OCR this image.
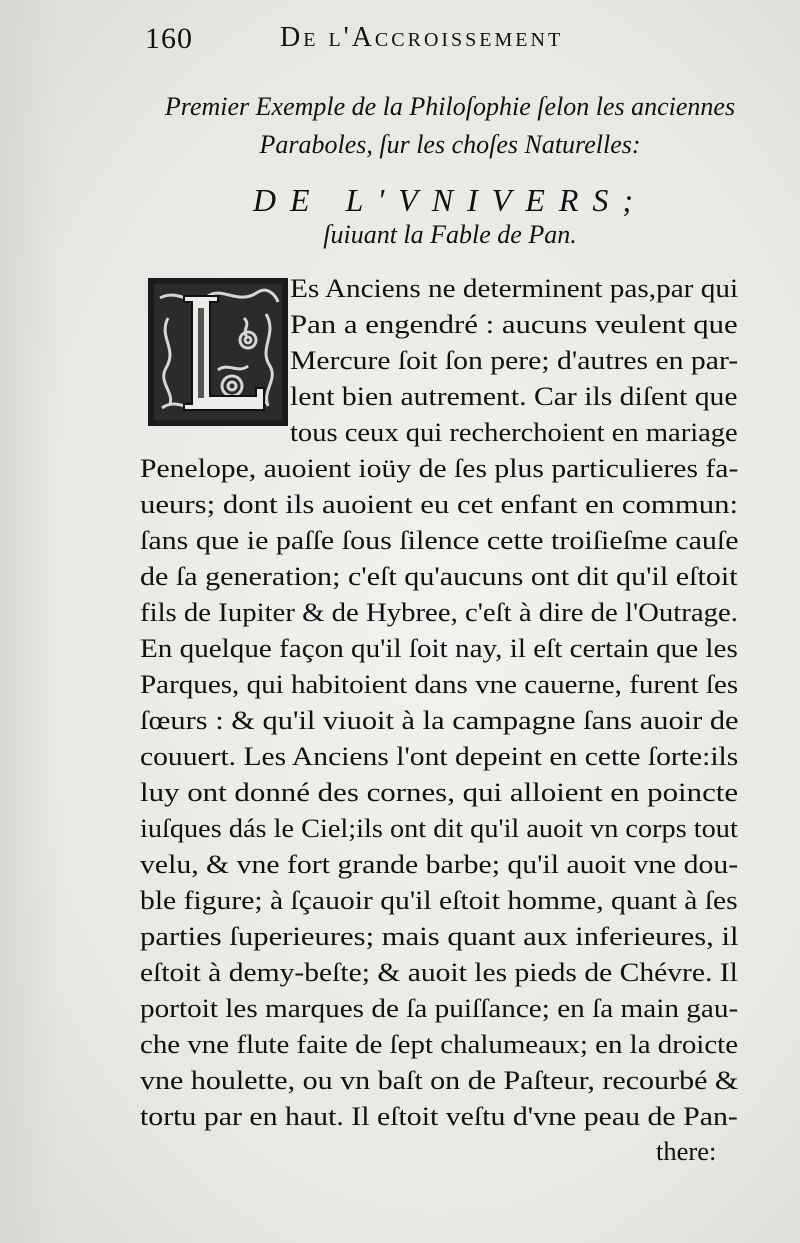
160	De l'Accroissement
Premier Exemple de la Philoſophie ſelon les anciennes
Paraboles, ſur les choſes Naturelles:
DE L'VNIVERS;
ſuiuant la Fable de Pan.
Es Anciens ne determinent pas,par qui
Pan a engendré : aucuns veulent que
Mercure ſoit ſon pere; d'autres en par-
lent bien autrement. Car ils diſent que
tous ceux qui recherchoient en mariage
Penelope, auoient ioüy de ſes plus particulieres fa-
ueurs; dont ils auoient eu cet enfant en commun:
ſans que ie paſſe ſous ſilence cette troiſieſme cauſe
de ſa generation; c'eſt qu'aucuns ont dit qu'il eſtoit
fils de Iupiter & de Hybree, c'eſt à dire de l'Outrage.
En quelque façon qu'il ſoit nay, il eſt certain que les
Parques, qui habitoient dans vne cauerne, furent ſes
ſœurs : & qu'il viuoit à la campagne ſans auoir de
couuert. Les Anciens l'ont depeint en cette ſorte:ils
luy ont donné des cornes, qui alloient en poincte
iuſques dás le Ciel;ils ont dit qu'il auoit vn corps tout
velu, & vne fort grande barbe; qu'il auoit vne dou-
ble figure; à ſçauoir qu'il eſtoit homme, quant à ſes
parties ſuperieures; mais quant aux inferieures, il
eſtoit à demy-beſte; & auoit les pieds de Chévre. Il
portoit les marques de ſa puiſſance; en ſa main gau-
che vne flute faite de ſept chalumeaux; en la droicte
vne houlette, ou vn baſt on de Paſteur, recourbé &
tortu par en haut. Il eſtoit veſtu d'vne peau de Pan-
there:
